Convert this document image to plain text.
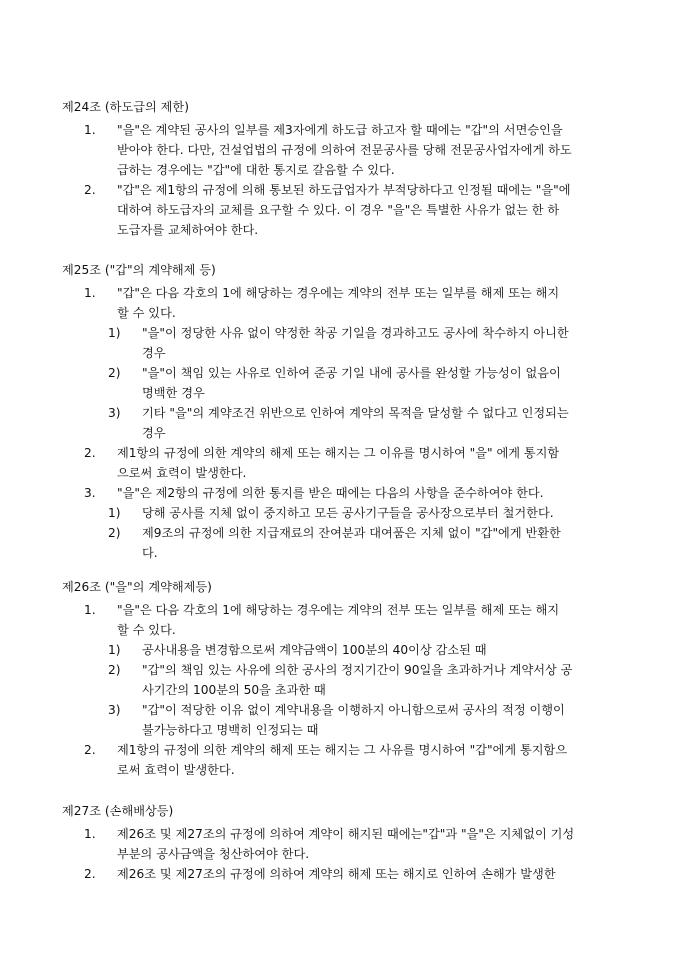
제24조 (하도급의 제한)
1. "을"은 계약된 공사의 일부를 제3자에게 하도급 하고자 할 때에는 "갑"의 서면승인을
받아야 한다. 다만, 건설업법의 규정에 의하여 전문공사를 당해 전문공사업자에게 하도
급하는 경우에는 "갑"에 대한 통지로 갈음할 수 있다.
2. "갑"은 제1항의 규정에 의해 통보된 하도급업자가 부적당하다고 인정될 때에는 "을"에
대하여 하도급자의 교체를 요구할 수 있다. 이 경우 "을"은 특별한 사유가 없는 한 하
도급자를 교체하여야 한다.
제25조 ("갑"의 계약해제 등)
1. "갑"은 다음 각호의 1에 해당하는 경우에는 계약의 전부 또는 일부를 해제 또는 해지
할 수 있다.
1) "을"이 정당한 사유 없이 약정한 착공 기일을 경과하고도 공사에 착수하지 아니한
경우
2) "을"이 책임 있는 사유로 인하여 준공 기일 내에 공사를 완성할 가능성이 없음이
명백한 경우
3) 기타 "을"의 계약조건 위반으로 인하여 계약의 목적을 달성할 수 없다고 인정되는
경우
2. 제1항의 규정에 의한 계약의 해제 또는 해지는 그 이유를 명시하여 "을" 에게 통지함
으로써 효력이 발생한다.
3. "을"은 제2항의 규정에 의한 통지를 받은 때에는 다음의 사항을 준수하여야 한다.
1) 당해 공사를 지체 없이 중지하고 모든 공사기구들을 공사장으로부터 철거한다.
2) 제9조의 규정에 의한 지급재료의 잔여분과 대여품은 지체 없이 "갑"에게 반환한
다.
제26조 ("을"의 계약해제등)
1. "을"은 다음 각호의 1에 해당하는 경우에는 계약의 전부 또는 일부를 해제 또는 해지
할 수 있다.
1) 공사내용을 변경함으로써 계약금액이 100분의 40이상 감소된 때
2) "갑"의 책임 있는 사유에 의한 공사의 정지기간이 90일을 초과하거나 계약서상 공
사기간의 100분의 50을 초과한 때
3) "갑"이 적당한 이유 없이 계약내용을 이행하지 아니함으로써 공사의 적정 이행이
불가능하다고 명백히 인정되는 때
2. 제1항의 규정에 의한 계약의 해제 또는 해지는 그 사유를 명시하여 "갑"에게 통지함으
로써 효력이 발생한다.
제27조 (손해배상등)
1. 제26조 및 제27조의 규정에 의하여 계약이 해지된 때에는"갑"과 "을"은 지체없이 기성
부분의 공사금액을 청산하여야 한다.
2. 제26조 및 제27조의 규정에 의하여 계약의 해제 또는 해지로 인하여 손해가 발생한
